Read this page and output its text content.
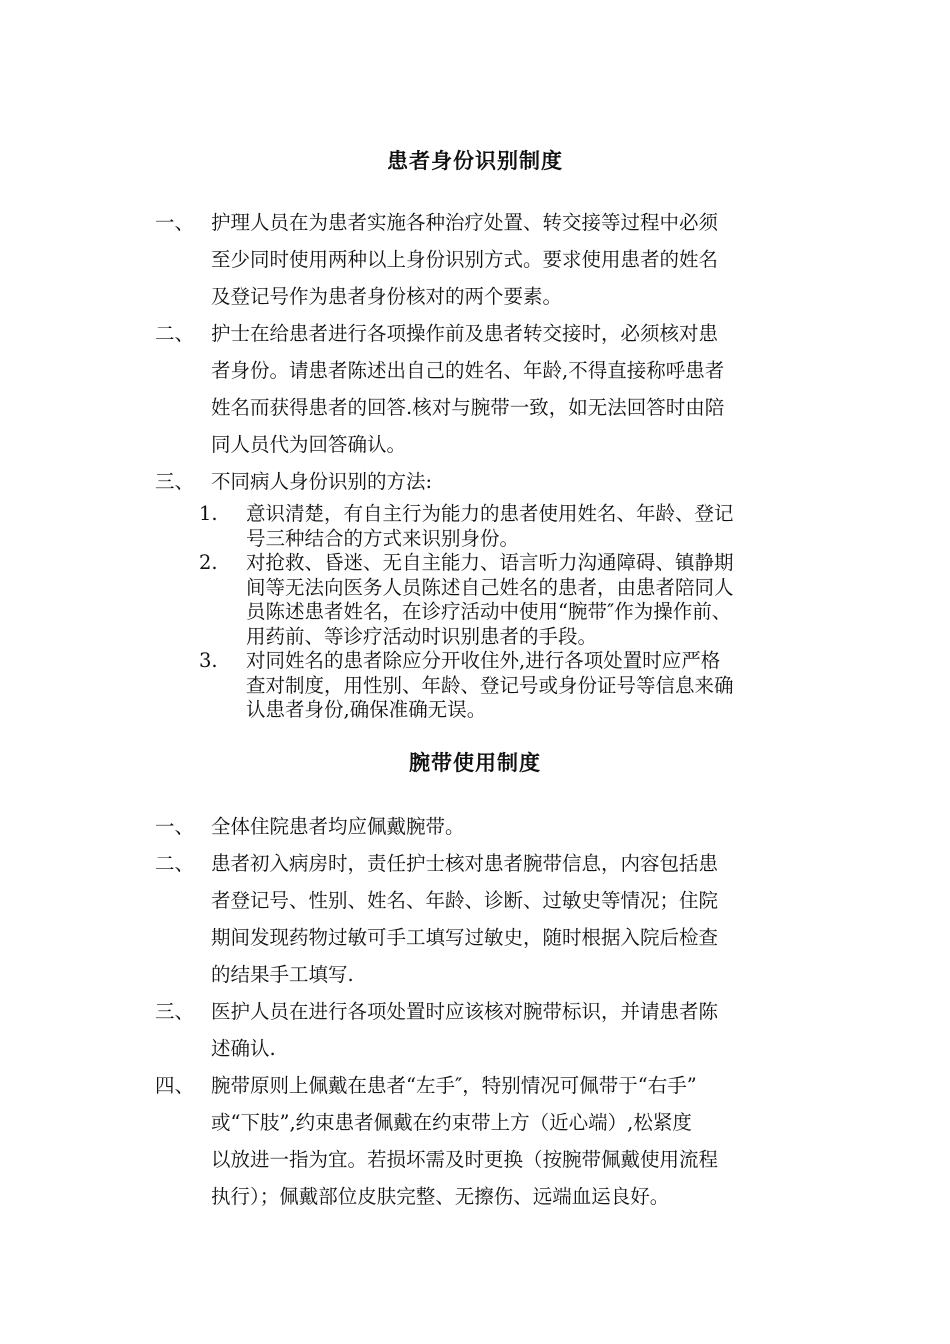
患者身份识别制度
一、 护理人员在为患者实施各种治疗处置、转交接等过程中必须
至少同时使用两种以上身份识别方式。要求使用患者的姓名
及登记号作为患者身份核对的两个要素。
二、 护士在给患者进行各项操作前及患者转交接时，必须核对患
者身份。请患者陈述出自己的姓名、年龄,不得直接称呼患者
姓名而获得患者的回答.核对与腕带一致，如无法回答时由陪
同人员代为回答确认。
三、 不同病人身份识别的方法:
1. 意识清楚，有自主行为能力的患者使用姓名、年龄、登记
号三种结合的方式来识别身份。
2. 对抢救、昏迷、无自主能力、语言听力沟通障碍、镇静期
间等无法向医务人员陈述自己姓名的患者，由患者陪同人
员陈述患者姓名，在诊疗活动中使用“腕带″作为操作前、
用药前、等诊疗活动时识别患者的手段。
3. 对同姓名的患者除应分开收住外,进行各项处置时应严格
查对制度，用性别、年龄、登记号或身份证号等信息来确
认患者身份,确保准确无误。
腕带使用制度
一、 全体住院患者均应佩戴腕带。
二、 患者初入病房时，责任护士核对患者腕带信息，内容包括患
者登记号、性别、姓名、年龄、诊断、过敏史等情况；住院
期间发现药物过敏可手工填写过敏史，随时根据入院后检查
的结果手工填写.
三、 医护人员在进行各项处置时应该核对腕带标识，并请患者陈
述确认.
四、 腕带原则上佩戴在患者“左手″，特别情况可佩带于“右手”
或“下肢”,约束患者佩戴在约束带上方（近心端）,松紧度
以放进一指为宜。若损坏需及时更换（按腕带佩戴使用流程
执行）；佩戴部位皮肤完整、无擦伤、远端血运良好。
